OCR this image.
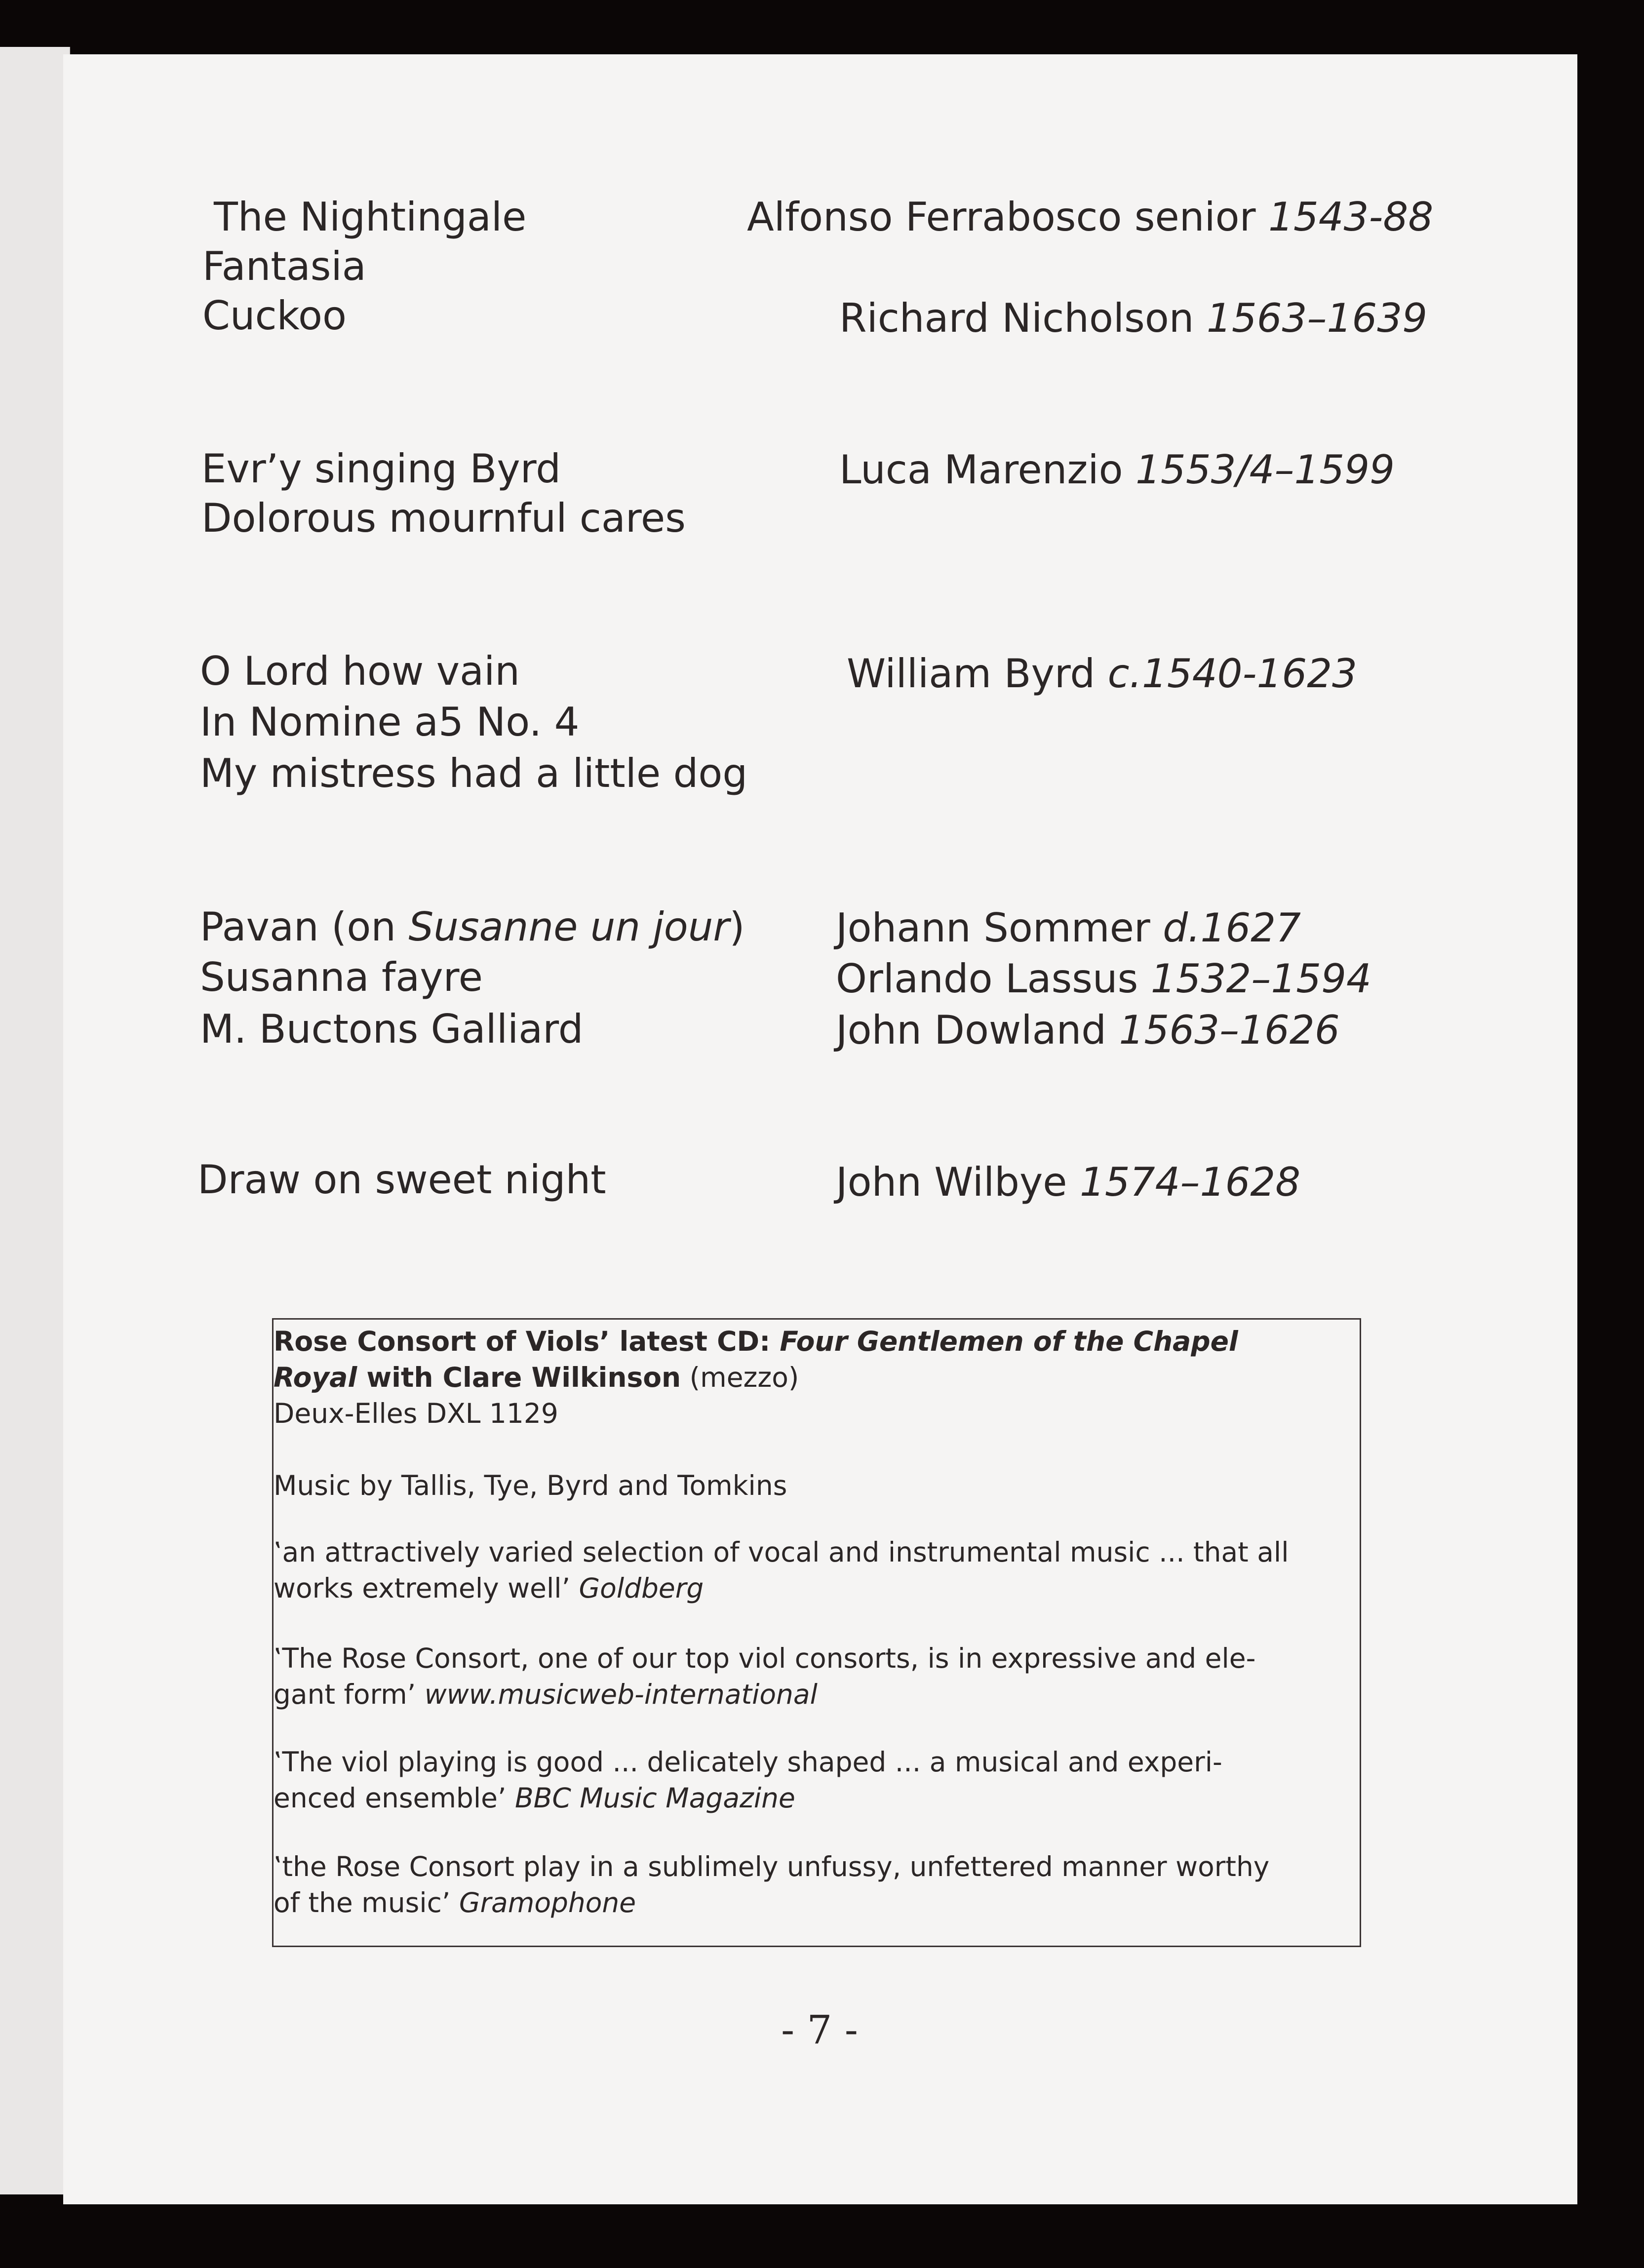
The Nightingale
Fantasia
Cuckoo
Alfonso Ferrabosco senior 1543-88
Richard Nicholson 1563–1639
Evr’y singing Byrd
Dolorous mournful cares
Luca Marenzio 1553/4–1599
O Lord how vain
In Nomine a5 No. 4
My mistress had a little dog
William Byrd c.1540-1623
Pavan (on Susanne un jour)
Susanna fayre
M. Buctons Galliard
Johann Sommer d.1627
Orlando Lassus 1532–1594
John Dowland 1563–1626
Draw on sweet night	John Wilbye 1574–1628
Rose Consort of Viols’ latest CD: Four Gentlemen of the Chapel
Royal with Clare Wilkinson (mezzo)
Deux-Elles DXL 1129
Music by Tallis, Tye, Byrd and Tomkins
‛an attractively varied selection of vocal and instrumental music ... that all
works extremely well’ Goldberg
‛The Rose Consort, one of our top viol consorts, is in expressive and ele-
gant form’ www.musicweb-international
‛The viol playing is good ... delicately shaped ... a musical and experi-
enced ensemble’ BBC Music Magazine
‛the Rose Consort play in a sublimely unfussy, unfettered manner worthy
of the music’ Gramophone
- 7 -
